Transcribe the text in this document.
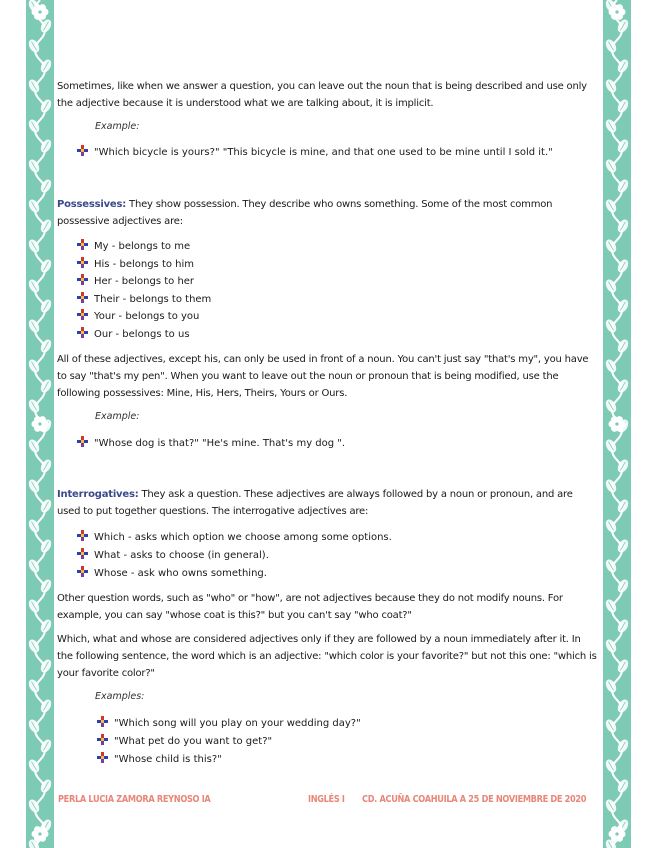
Sometimes, like when we answer a question, you can leave out the noun that is being described and use only the adjective because it is understood what we are talking about, it is implicit.
Example:
"Which bicycle is yours?" "This bicycle is mine, and that one used to be mine until I sold it."
Possessives: They show possession. They describe who owns something. Some of the most common possessive adjectives are:
My - belongs to me
His - belongs to him
Her - belongs to her
Their - belongs to them
Your - belongs to you
Our - belongs to us
All of these adjectives, except his, can only be used in front of a noun. You can't just say "that's my", you have to say "that's my pen". When you want to leave out the noun or pronoun that is being modified, use the following possessives: Mine, His, Hers, Theirs, Yours or Ours.
Example:
"Whose dog is that?" "He's mine. That's my dog ".
Interrogatives: They ask a question. These adjectives are always followed by a noun or pronoun, and are used to put together questions. The interrogative adjectives are:
Which - asks which option we choose among some options.
What - asks to choose (in general).
Whose - ask who owns something.
Other question words, such as "who" or "how", are not adjectives because they do not modify nouns. For example, you can say "whose coat is this?" but you can't say "who coat?"
Which, what and whose are considered adjectives only if they are followed by a noun immediately after it. In the following sentence, the word which is an adjective: "which color is your favorite?" but not this one: "which is your favorite color?"
Examples:
"Which song will you play on your wedding day?"
"What pet do you want to get?"
"Whose child is this?"
PERLA LUCIA ZAMORA REYNOSO IA	INGLÉS I CD. ACUÑA COAHUILA A 25 DE NOVIEMBRE DE 2020
